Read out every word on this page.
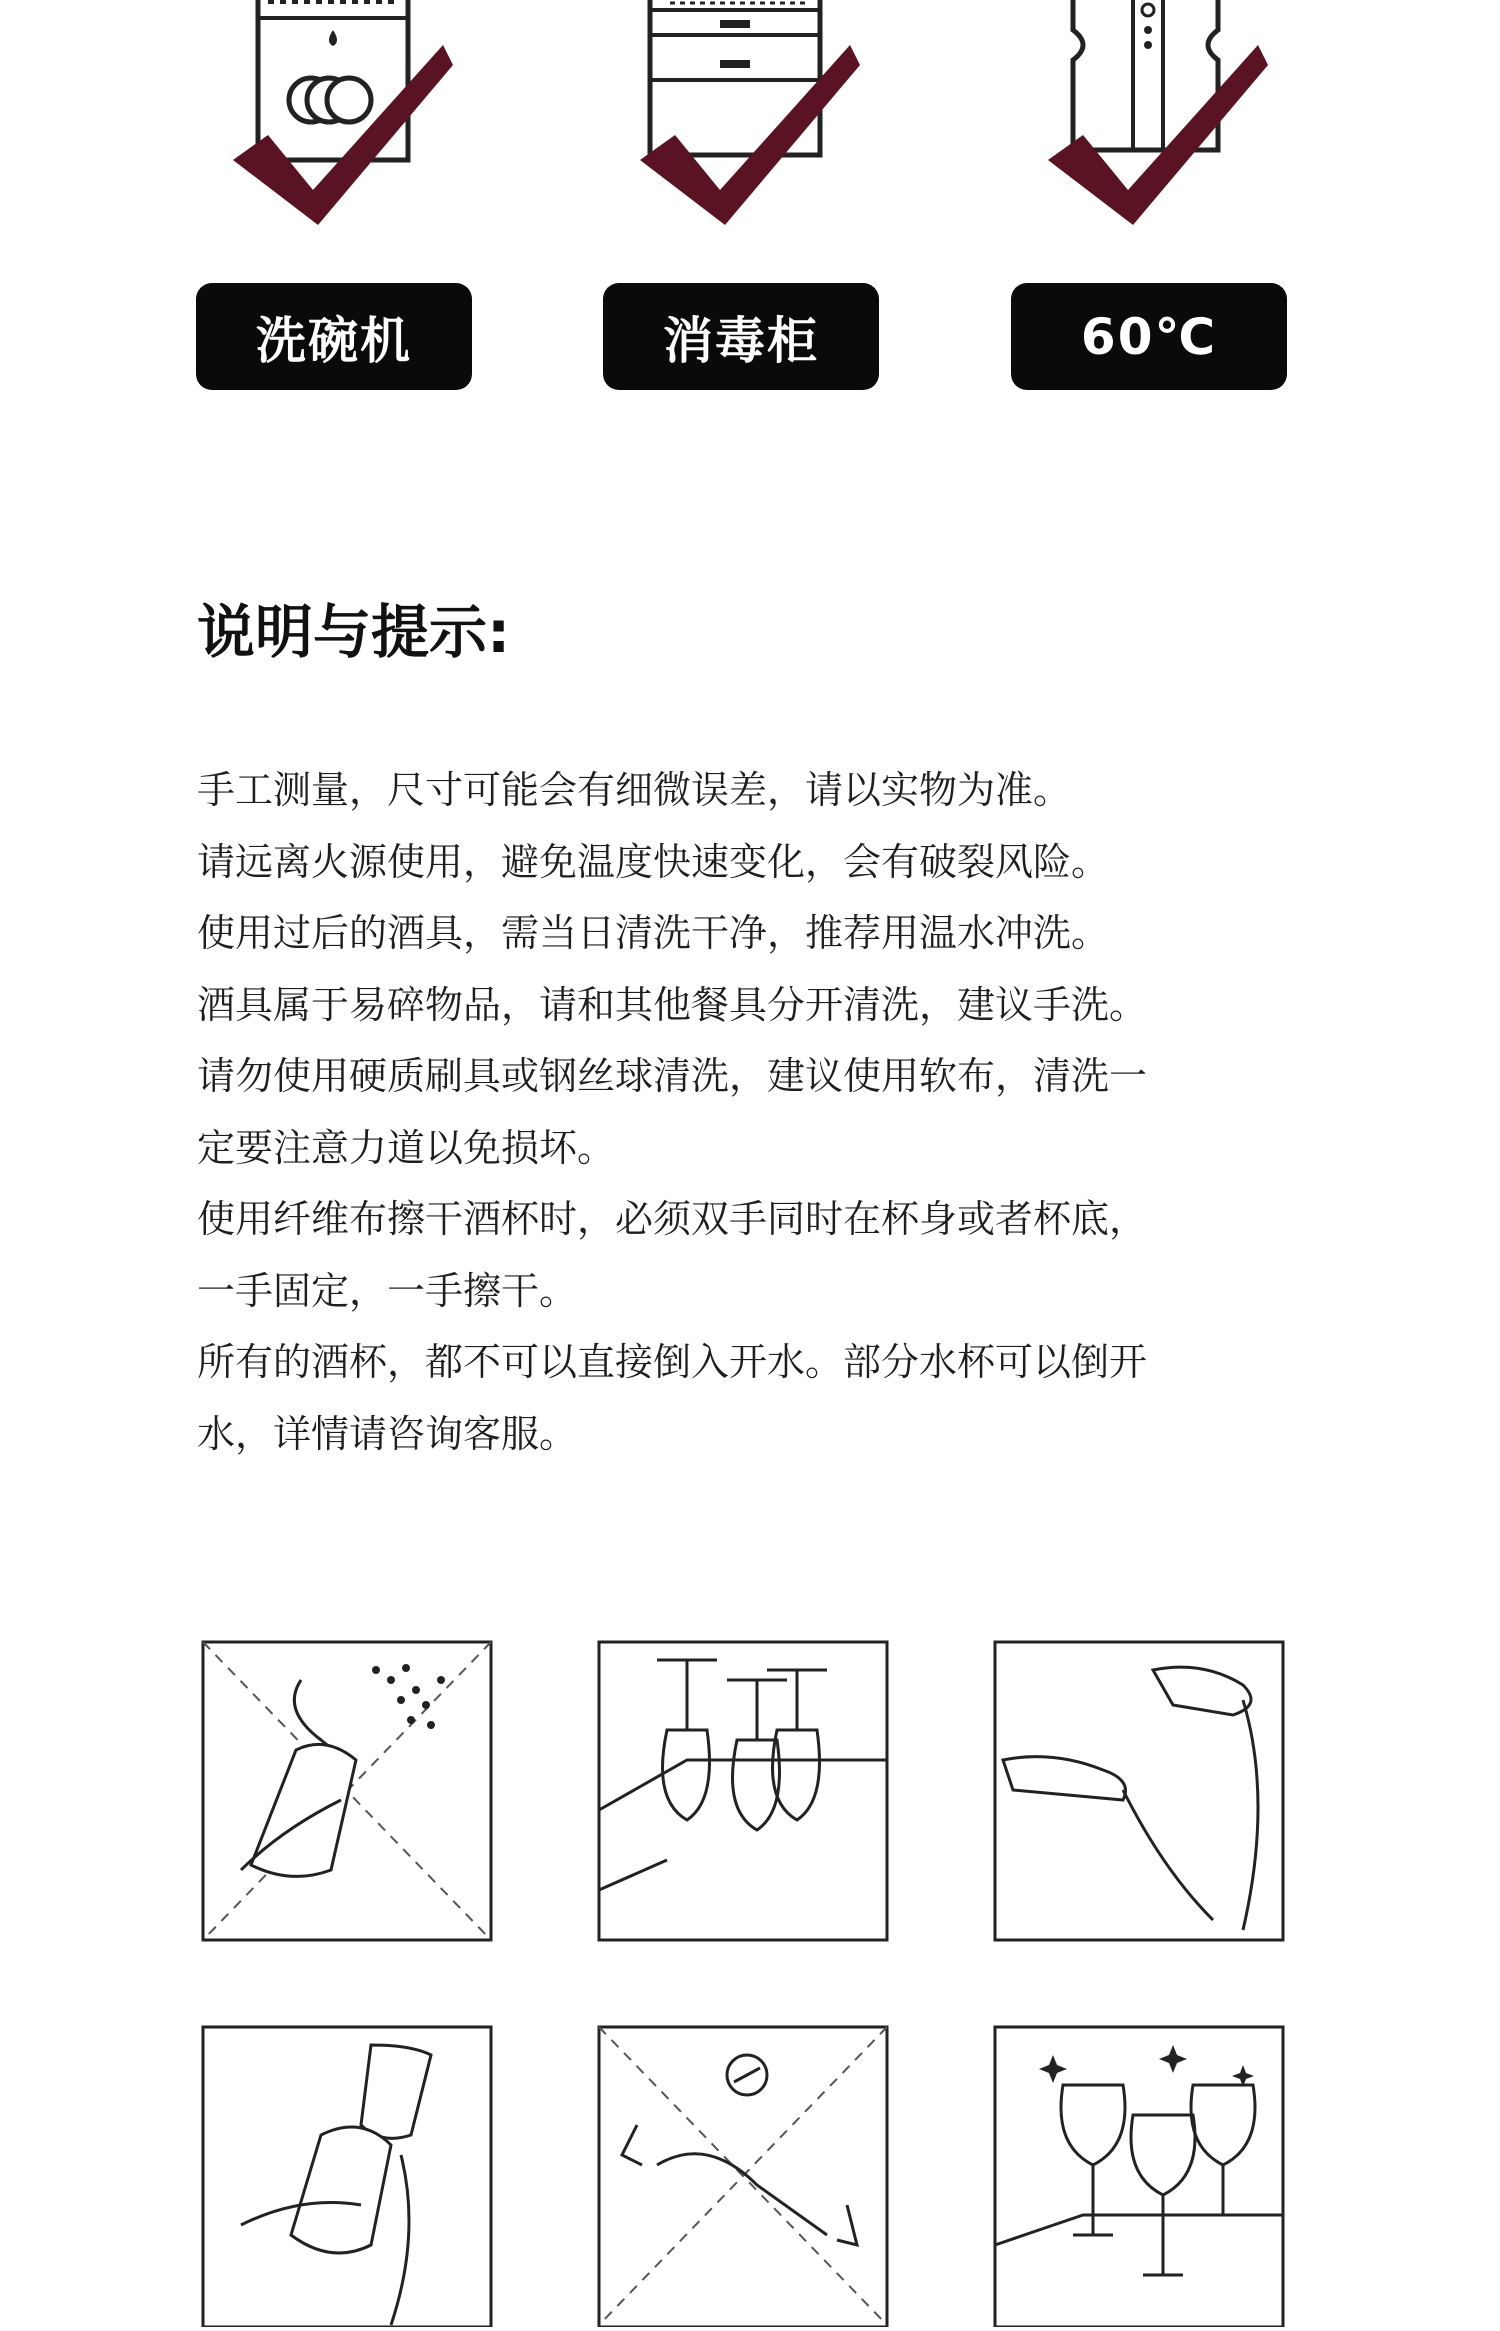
洗碗机	消毒柜	60℃
说明与提示:

手工测量，尺寸可能会有细微误差，请以实物为准。

请远离火源使用，避免温度快速变化，会有破裂风险。

使用过后的酒具，需当日清洗干净，推荐用温水冲洗。

酒具属于易碎物品，请和其他餐具分开清洗，建议手洗。

请勿使用硬质刷具或钢丝球清洗，建议使用软布，清洗一

定要注意力道以免损坏。

使用纤维布擦干酒杯时，必须双手同时在杯身或者杯底，

一手固定，一手擦干。

所有的酒杯，都不可以直接倒入开水。部分水杯可以倒开

水，详情请咨询客服。
